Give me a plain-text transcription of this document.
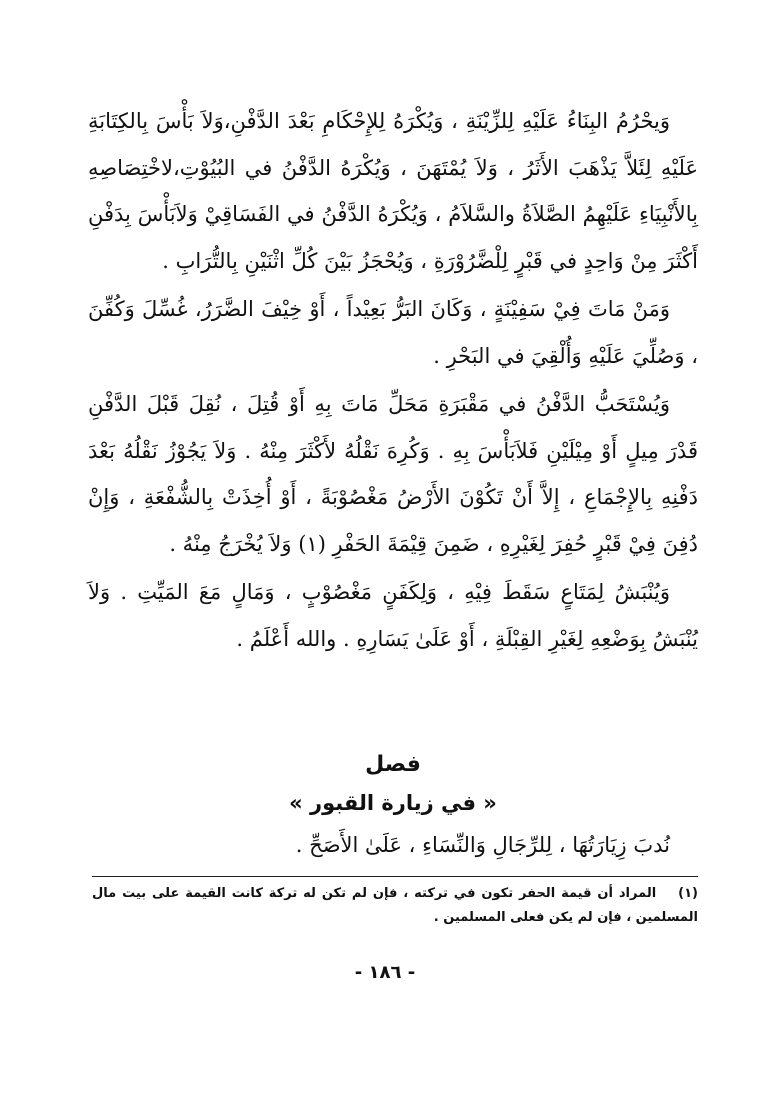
وَيحْرُمُ البِنَاءُ عَلَيْهِ لِلزِّيْنَةِ ، وَيُكْرَهُ لِلإِحْكَامِ بَعْدَ الدَّفْنِ،وَلاَ بَأْسَ بِالكِتَابَةِ عَلَيْهِ لِئَلاَّ يَذْهَبَ الأَثَرُ ، وَلاَ يُمْتَهَنَ ، وَيُكْرَهُ الدَّفْنُ في البُيُوْتِ،لاخْتِصَاصِهِ بِالأَنْبِيَاءِ عَلَيْهِمُ الصَّلاَةُ والسَّلاَمُ ، وَيُكْرَهُ الدَّفْنُ في الفَسَاقِيْ وَلاَبَأْسَ بِدَفْنِ أَكْثَرَ مِنْ وَاحِدٍ في قَبْرٍ لِلْضَّرُوْرَةِ ، وَيُحْجَزُ بَيْنَ كُلِّ اثْنَيْنِ بِالتُّرَابِ .

وَمَنْ مَاتَ فِيْ سَفِيْنَةٍ ، وَكَانَ البَرُّ بَعِيْداً ، أَوْ خِيْفَ الضَّرَرُ، غُسِّلَ وَكُفِّنَ ، وَصُلِّيَ عَلَيْهِ وَأُلْقِيَ في البَحْرِ .

وَيُسْتَحَبُّ الدَّفْنُ في مَقْبَرَةِ مَحَلِّ مَاتَ بِهِ أَوْ قُتِلَ ، نُقِلَ قَبْلَ الدَّفْنِ قَدْرَ مِيلٍ أَوْ مِيْلَيْنِ فَلاَبَأْسَ بِهِ . وَكُرِهَ نَقْلُهُ لأَكْثَرَ مِنْهُ . وَلاَ يَجُوْزُ نَقْلُهُ بَعْدَ دَفْنِهِ بِالإِجْمَاعِ ، إِلاَّ أَنْ تَكُوْنَ الأَرْضُ مَغْصُوْبَةً ، أَوْ أُخِذَتْ بِالشُّفْعَةِ ، وَإِنْ دُفِنَ فِيْ قَبْرٍ حُفِرَ لِغَيْرِهِ ، ضَمِنَ قِيْمَةَ الحَفْرِ (١) وَلاَ يُخْرَجُ مِنْهُ .

وَيُنْبَشُ لِمَتَاعٍ سَقَطَ فِيْهِ ، وَلِكَفَنٍ مَغْصُوْبٍ ، وَمَالٍ مَعَ المَيِّتِ . وَلاَ يُنْبَشُ بِوَضْعِهِ لِغَيْرِ القِبْلَةِ ، أَوْ عَلَىٰ يَسَارِهِ . والله أَعْلَمُ .

فصل
« في زيارة القبور »

نُدبَ زِيَارَتُهَا ، لِلرِّجَالِ وَالنِّسَاءِ ، عَلَىٰ الأَصَحِّ .

(١)المراد أن قيمة الحفر تكون في تركته ، فإن لم تكن له تركة كانت القيمة على بيت مال المسلمين ، فإن لم يكن فعلى المسلمين .

- ١٨٦ -
